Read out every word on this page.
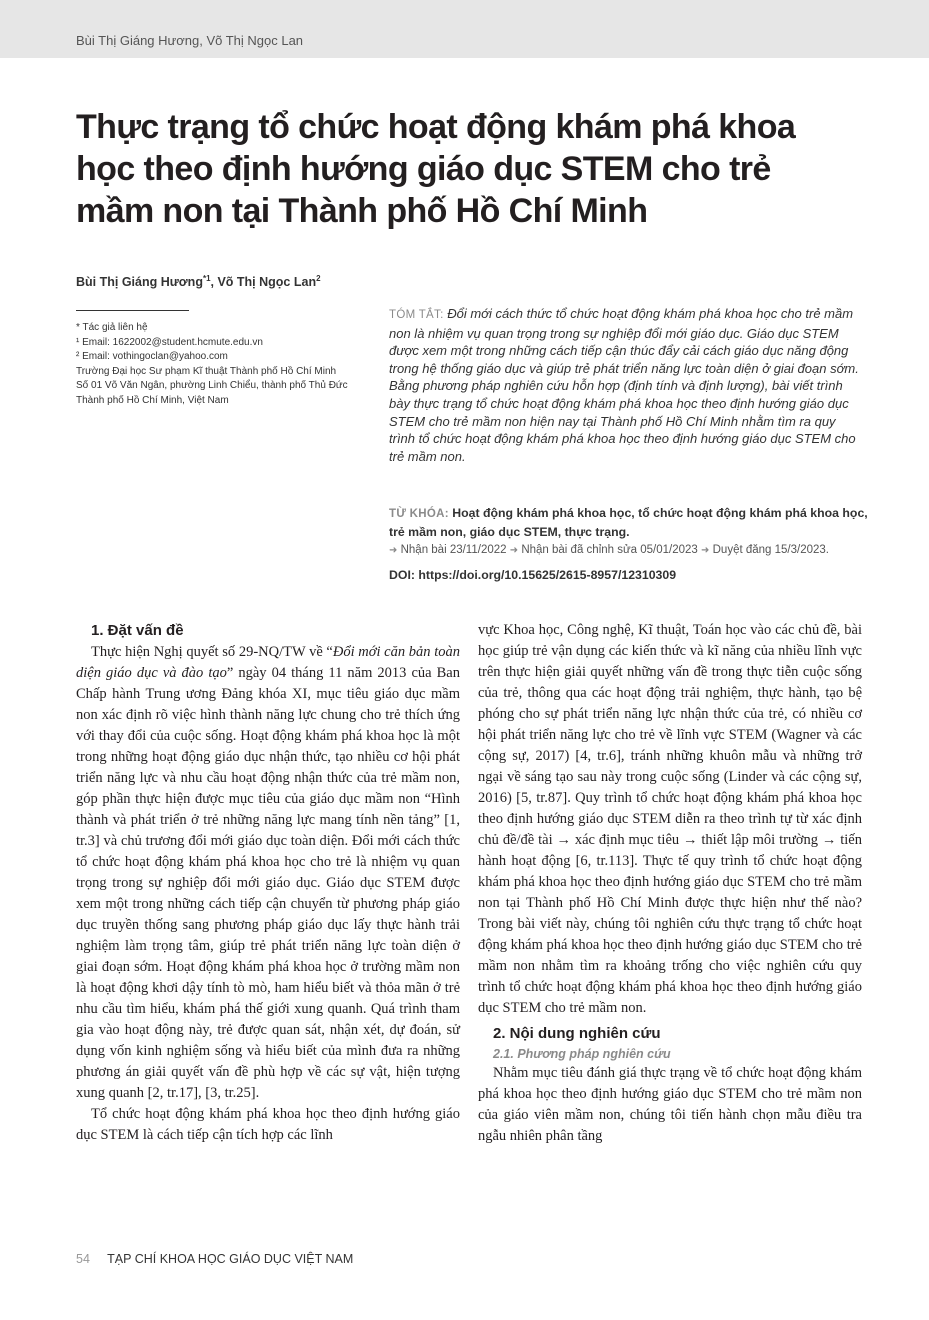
Bùi Thị Giáng Hương, Võ Thị Ngọc Lan
Thực trạng tổ chức hoạt động khám phá khoa học theo định hướng giáo dục STEM cho trẻ mầm non tại Thành phố Hồ Chí Minh
Bùi Thị Giáng Hương$^{*1}$, Võ Thị Ngọc Lan$^2$
* Tác giả liên hệ
¹ Email: 1622002@student.hcmute.edu.vn
² Email: vothingoclan@yahoo.com
Trường Đại học Sư phạm Kĩ thuật Thành phố Hồ Chí Minh
Số 01 Võ Văn Ngân, phường Linh Chiểu, thành phố Thủ Đức
Thành phố Hồ Chí Minh, Việt Nam
TÓM TẮT: Đổi mới cách thức tổ chức hoạt động khám phá khoa học cho trẻ mầm non là nhiệm vụ quan trọng trong sự nghiệp đổi mới giáo dục. Giáo dục STEM được xem một trong những cách tiếp cận thúc đẩy cải cách giáo dục năng động trong hệ thống giáo dục và giúp trẻ phát triển năng lực toàn diện ở giai đoạn sớm. Bằng phương pháp nghiên cứu hỗn hợp (định tính và định lượng), bài viết trình bày thực trạng tổ chức hoạt động khám phá khoa học theo định hướng giáo dục STEM cho trẻ mầm non hiện nay tại Thành phố Hồ Chí Minh nhằm tìm ra quy trình tổ chức hoạt động khám phá khoa học theo định hướng giáo dục STEM cho trẻ mầm non.
TỪ KHÓA: Hoạt động khám phá khoa học, tổ chức hoạt động khám phá khoa học, trẻ mầm non, giáo dục STEM, thực trạng.
➜ Nhận bài 23/11/2022 ➜ Nhận bài đã chỉnh sửa 05/01/2023 ➜ Duyệt đăng 15/3/2023.
DOI: https://doi.org/10.15625/2615-8957/12310309
1. Đặt vấn đề

Thực hiện Nghị quyết số 29-NQ/TW về “Đổi mới căn bản toàn diện giáo dục và đào tạo” ngày 04 tháng 11 năm 2013 của Ban Chấp hành Trung ương Đảng khóa XI, mục tiêu giáo dục mầm non xác định rõ việc hình thành năng lực chung cho trẻ thích ứng với thay đổi của cuộc sống. Hoạt động khám phá khoa học là một trong những hoạt động giáo dục nhận thức, tạo nhiều cơ hội phát triển năng lực và nhu cầu hoạt động nhận thức của trẻ mầm non, góp phần thực hiện được mục tiêu của giáo dục mầm non “Hình thành và phát triển ở trẻ những năng lực mang tính nền tảng” [1, tr.3] và chủ trương đổi mới giáo dục toàn diện. Đổi mới cách thức tổ chức hoạt động khám phá khoa học cho trẻ là nhiệm vụ quan trọng trong sự nghiệp đổi mới giáo dục. Giáo dục STEM được xem một trong những cách tiếp cận chuyển từ phương pháp giáo dục truyền thống sang phương pháp giáo dục lấy thực hành trải nghiệm làm trọng tâm, giúp trẻ phát triển năng lực toàn diện ở giai đoạn sớm. Hoạt động khám phá khoa học ở trường mầm non là hoạt động khơi dậy tính tò mò, ham hiểu biết và thỏa mãn ở trẻ nhu cầu tìm hiểu, khám phá thế giới xung quanh. Quá trình tham gia vào hoạt động này, trẻ được quan sát, nhận xét, dự đoán, sử dụng vốn kinh nghiệm sống và hiểu biết của mình đưa ra những phương án giải quyết vấn đề phù hợp về các sự vật, hiện tượng xung quanh [2, tr.17], [3, tr.25].

Tổ chức hoạt động khám phá khoa học theo định hướng giáo dục STEM là cách tiếp cận tích hợp các lĩnh

vực Khoa học, Công nghệ, Kĩ thuật, Toán học vào các chủ đề, bài học giúp trẻ vận dụng các kiến thức và kĩ năng của nhiều lĩnh vực trên thực hiện giải quyết những vấn đề trong thực tiễn cuộc sống của trẻ, thông qua các hoạt động trải nghiệm, thực hành, tạo bệ phóng cho sự phát triển năng lực nhận thức của trẻ, có nhiều cơ hội phát triển năng lực cho trẻ về lĩnh vực STEM (Wagner và các cộng sự, 2017) [4, tr.6], tránh những khuôn mẫu và những trở ngại về sáng tạo sau này trong cuộc sống (Linder và các cộng sự, 2016) [5, tr.87]. Quy trình tổ chức hoạt động khám phá khoa học theo định hướng giáo dục STEM diễn ra theo trình tự từ xác định chủ đề/đề tài → xác định mục tiêu → thiết lập môi trường → tiến hành hoạt động [6, tr.113]. Thực tế quy trình tổ chức hoạt động khám phá khoa học theo định hướng giáo dục STEM cho trẻ mầm non tại Thành phố Hồ Chí Minh được thực hiện như thế nào? Trong bài viết này, chúng tôi nghiên cứu thực trạng tổ chức hoạt động khám phá khoa học theo định hướng giáo dục STEM cho trẻ mầm non nhằm tìm ra khoảng trống cho việc nghiên cứu quy trình tổ chức hoạt động khám phá khoa học theo định hướng giáo dục STEM cho trẻ mầm non.

2. Nội dung nghiên cứu
2.1. Phương pháp nghiên cứu

Nhằm mục tiêu đánh giá thực trạng về tổ chức hoạt động khám phá khoa học theo định hướng giáo dục STEM cho trẻ mầm non của giáo viên mầm non, chúng tôi tiến hành chọn mẫu điều tra ngẫu nhiên phân tầng

54 TẠP CHÍ KHOA HỌC GIÁO DỤC VIỆT NAM
